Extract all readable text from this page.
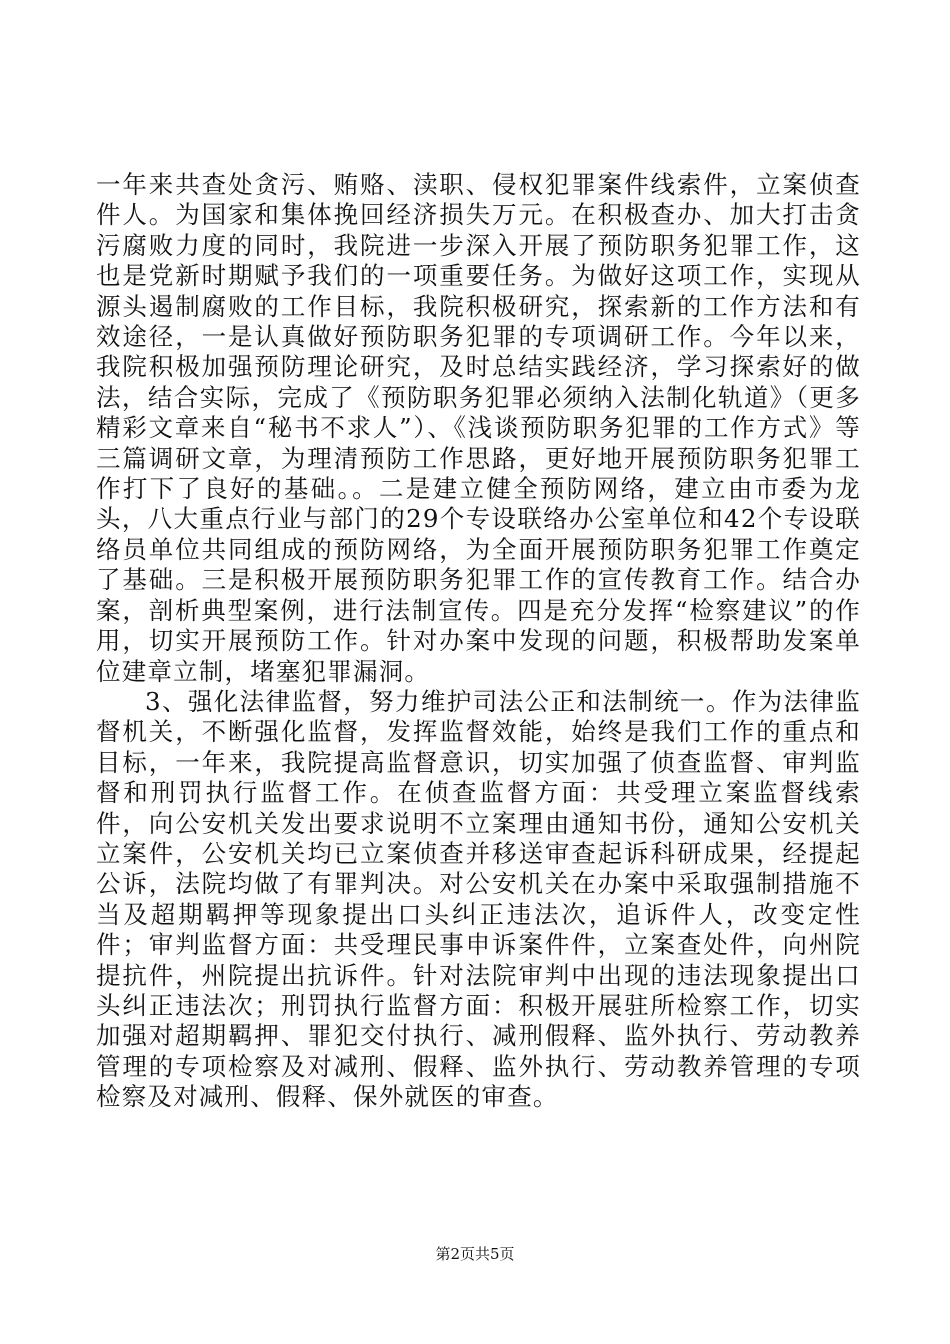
一年来共查处贪污、贿赂、渎职、侵权犯罪案件线索件，立案侦查件人。为国家和集体挽回经济损失万元。在积极查办、加大打击贪污腐败力度的同时，我院进一步深入开展了预防职务犯罪工作，这也是党新时期赋予我们的一项重要任务。为做好这项工作，实现从源头遏制腐败的工作目标，我院积极研究，探索新的工作方法和有效途径，一是认真做好预防职务犯罪的专项调研工作。今年以来，我院积极加强预防理论研究，及时总结实践经济，学习探索好的做法，结合实际，完成了《预防职务犯罪必须纳入法制化轨道》（更多精彩文章来自“秘书不求人”）、《浅谈预防职务犯罪的工作方式》等三篇调研文章，为理清预防工作思路，更好地开展预防职务犯罪工作打下了良好的基础。。二是建立健全预防网络，建立由市委为龙头，八大重点行业与部门的29个专设联络办公室单位和42个专设联络员单位共同组成的预防网络，为全面开展预防职务犯罪工作奠定了基础。三是积极开展预防职务犯罪工作的宣传教育工作。结合办案，剖析典型案例，进行法制宣传。四是充分发挥“检察建议”的作用，切实开展预防工作。针对办案中发现的问题，积极帮助发案单位建章立制，堵塞犯罪漏洞。

3、强化法律监督，努力维护司法公正和法制统一。作为法律监督机关，不断强化监督，发挥监督效能，始终是我们工作的重点和目标，一年来，我院提高监督意识，切实加强了侦查监督、审判监督和刑罚执行监督工作。在侦查监督方面：共受理立案监督线索件，向公安机关发出要求说明不立案理由通知书份，通知公安机关立案件，公安机关均已立案侦查并移送审查起诉科研成果，经提起公诉，法院均做了有罪判决。对公安机关在办案中采取强制措施不当及超期羁押等现象提出口头纠正违法次，追诉件人，改变定性件；审判监督方面：共受理民事申诉案件件，立案查处件，向州院提抗件，州院提出抗诉件。针对法院审判中出现的违法现象提出口头纠正违法次；刑罚执行监督方面：积极开展驻所检察工作，切实加强对超期羁押、罪犯交付执行、减刑假释、监外执行、劳动教养管理的专项检察及对减刑、假释、监外执行、劳动教养管理的专项检察及对减刑、假释、保外就医的审查。

第2页共5页
